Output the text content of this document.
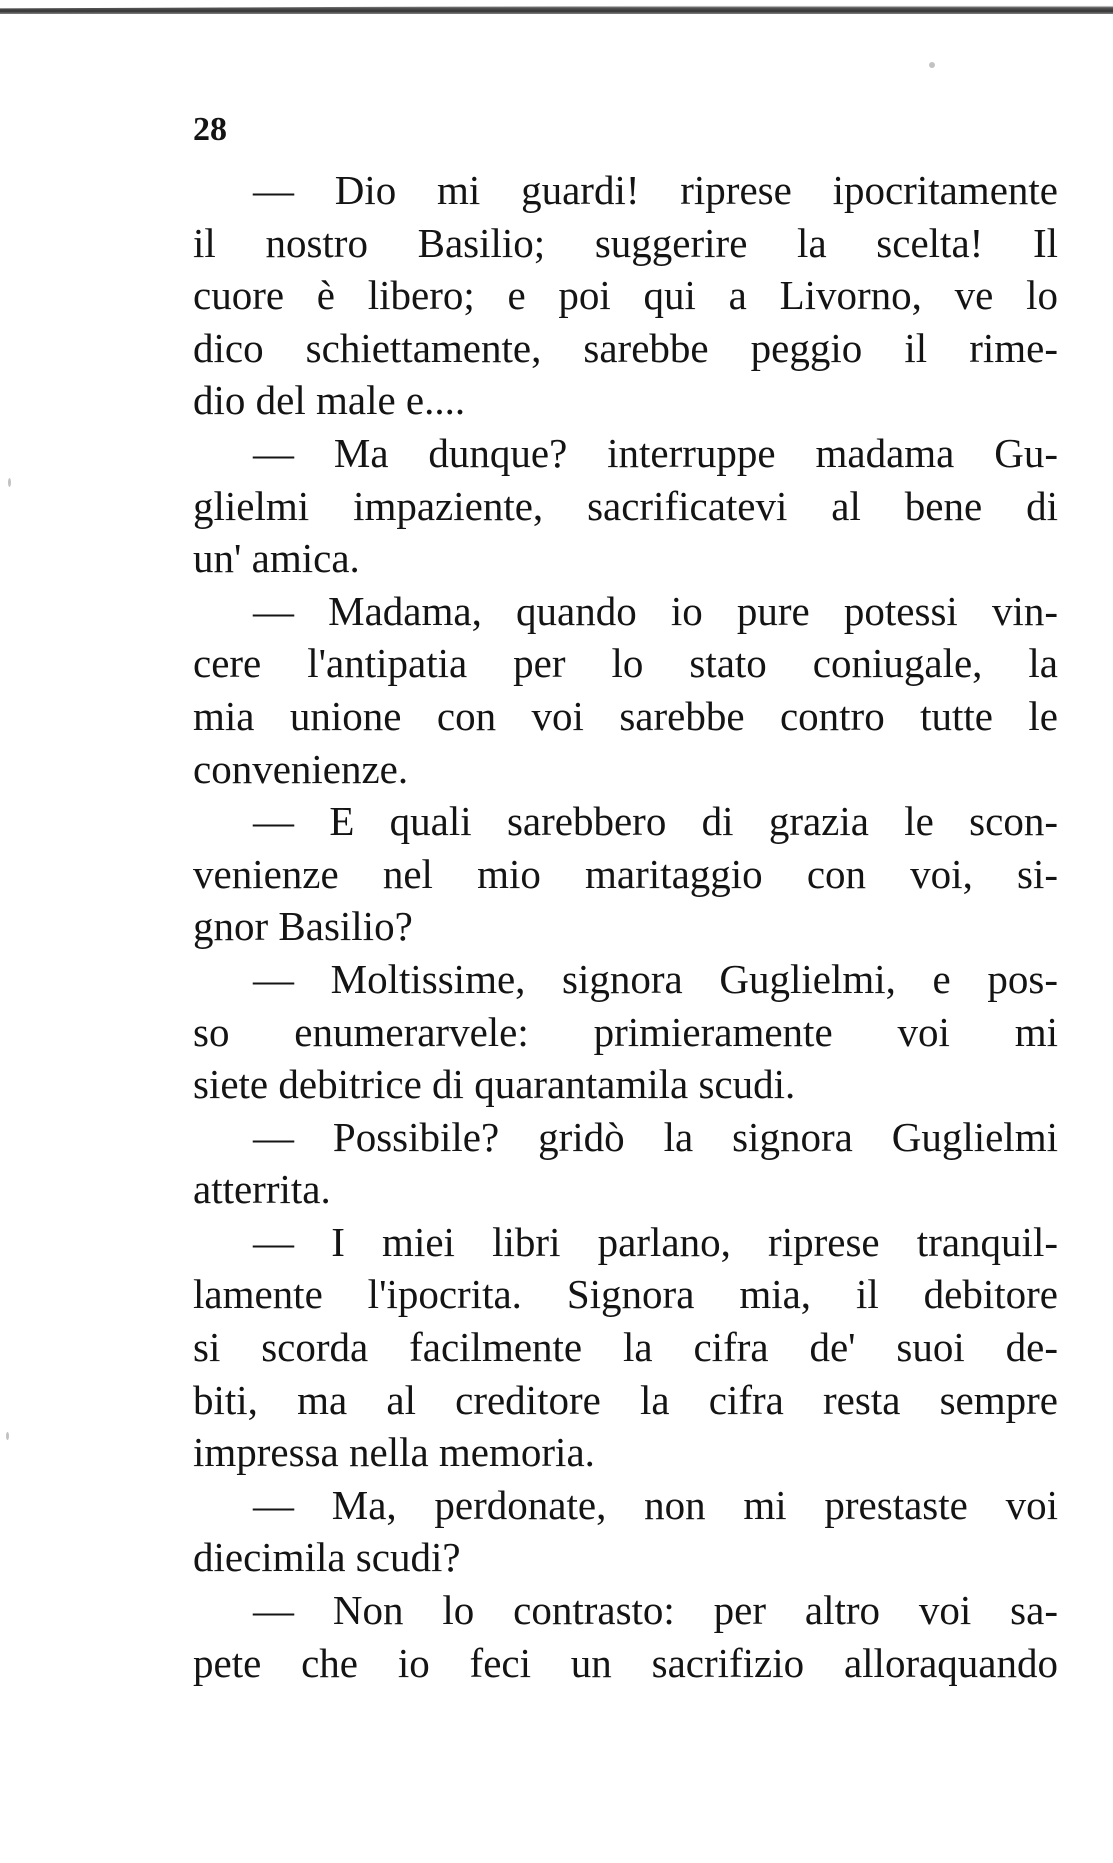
28
— Dio mi guardi! riprese ipocritamente
il nostro Basilio; suggerire la scelta! Il
cuore è libero; e poi qui a Livorno, ve lo
dico schiettamente, sarebbe peggio il rime-
dio del male e....
— Ma dunque? interruppe madama Gu-
glielmi impaziente, sacrificatevi al bene di
un' amica.
— Madama, quando io pure potessi vin-
cere l'antipatia per lo stato coniugale, la
mia unione con voi sarebbe contro tutte le
convenienze.
— E quali sarebbero di grazia le scon-
venienze nel mio maritaggio con voi, si-
gnor Basilio?
— Moltissime, signora Guglielmi, e pos-
so enumerarvele: primieramente voi mi
siete debitrice di quarantamila scudi.
— Possibile? gridò la signora Guglielmi
atterrita.
— I miei libri parlano, riprese tranquil-
lamente l'ipocrita. Signora mia, il debitore
si scorda facilmente la cifra de' suoi de-
biti, ma al creditore la cifra resta sempre
impressa nella memoria.
— Ma, perdonate, non mi prestaste voi
diecimila scudi?
— Non lo contrasto: per altro voi sa-
pete che io feci un sacrifizio alloraquando
